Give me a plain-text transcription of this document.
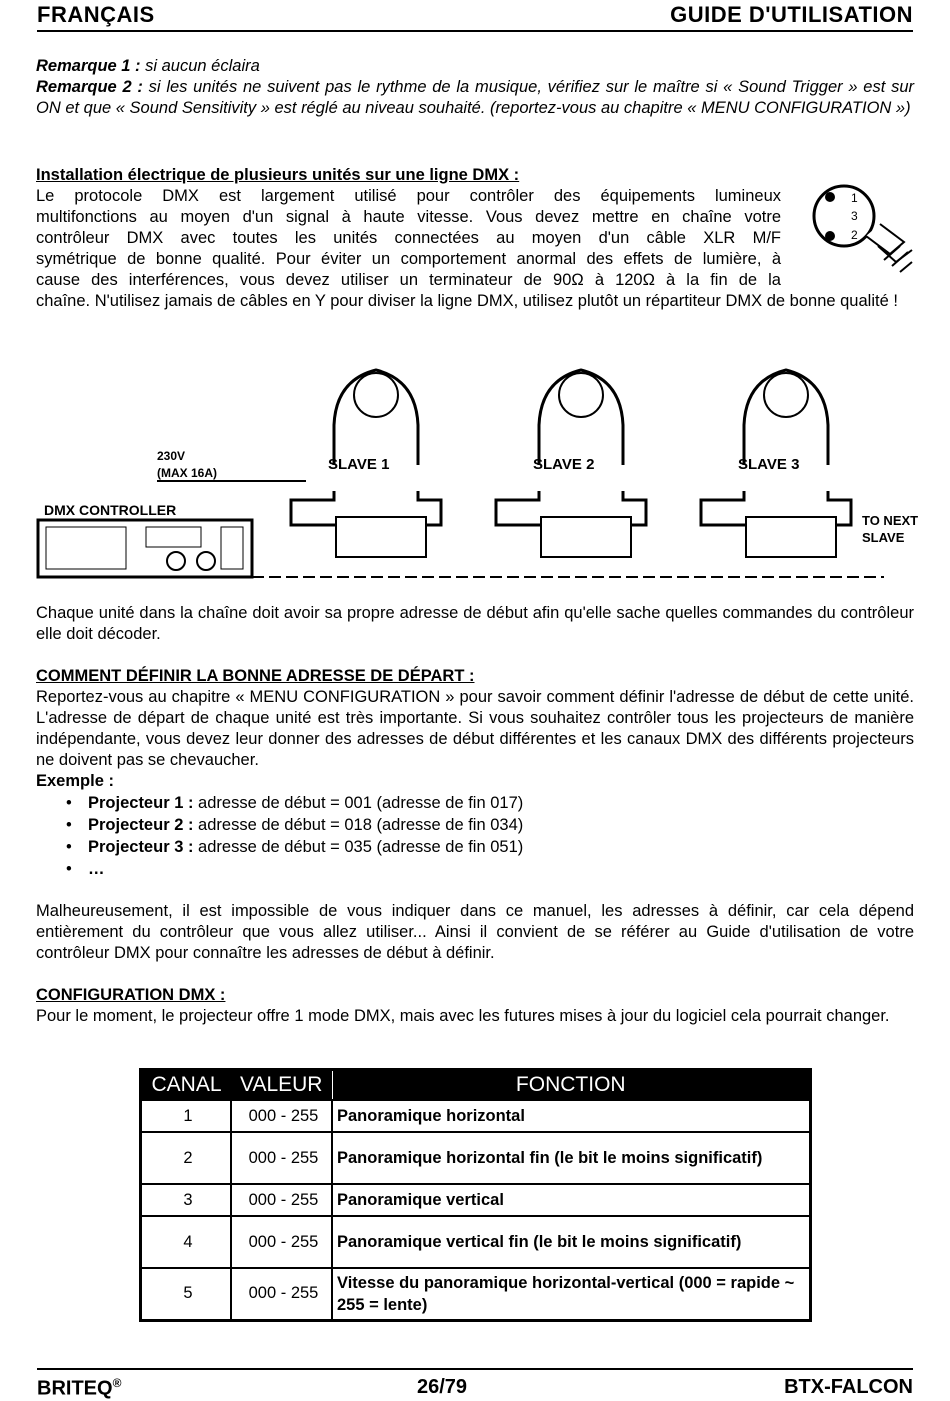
FRANÇAIS	GUIDE D'UTILISATION
Remarque 1 : si aucun éclaira
Remarque 2 : si les unités ne suivent pas le rythme de la musique, vérifiez sur le maître si « Sound Trigger » est sur ON et que « Sound Sensitivity » est réglé au niveau souhaité. (reportez-vous au chapitre « MENU CONFIGURATION »)
Installation électrique de plusieurs unités sur une ligne DMX :
Le protocole DMX est largement utilisé pour contrôler des équipements lumineux
multifonctions au moyen d'un signal à haute vitesse. Vous devez mettre en chaîne votre
contrôleur DMX avec toutes les unités connectées au moyen d'un câble XLR M/F
symétrique de bonne qualité. Pour éviter un comportement anormal des effets de lumière, à
cause des interférences, vous devez utiliser un terminateur de 90Ω à 120Ω à la fin de la
chaîne. N'utilisez jamais de câbles en Y pour diviser la ligne DMX, utilisez plutôt un répartiteur DMX de bonne qualité !
1
3
2
230V
(MAX 16A)
DMX CONTROLLER
TO NEXT
SLAVE
SLAVE 1	SLAVE 2	SLAVE 3
Chaque unité dans la chaîne doit avoir sa propre adresse de début afin qu'elle sache quelles commandes du contrôleur elle doit décoder.
COMMENT DÉFINIR LA BONNE ADRESSE DE DÉPART :
Reportez-vous au chapitre « MENU CONFIGURATION » pour savoir comment définir l'adresse de début de cette unité. L'adresse de départ de chaque unité est très importante. Si vous souhaitez contrôler tous les projecteurs de manière indépendante, vous devez leur donner des adresses de début différentes et les canaux DMX des différents projecteurs ne doivent pas se chevaucher.
Exemple :
• Projecteur 1 : adresse de début = 001 (adresse de fin 017)
• Projecteur 2 : adresse de début = 018 (adresse de fin 034)
• Projecteur 3 : adresse de début = 035 (adresse de fin 051)
• …
Malheureusement, il est impossible de vous indiquer dans ce manuel, les adresses à définir, car cela dépend entièrement du contrôleur que vous allez utiliser... Ainsi il convient de se référer au Guide d'utilisation de votre contrôleur DMX pour connaître les adresses de début à définir.
CONFIGURATION DMX :
Pour le moment, le projecteur offre 1 mode DMX, mais avec les futures mises à jour du logiciel cela pourrait changer.
CANAL	VALEUR	FONCTION
1	000 - 255	Panoramique horizontal
2	000 - 255	Panoramique horizontal fin (le bit le moins significatif)
3	000 - 255	Panoramique vertical
4	000 - 255	Panoramique vertical fin (le bit le moins significatif)
5	000 - 255	Vitesse du panoramique horizontal-vertical (000 = rapide ~ 255 = lente)
BRITEQ®	26/79	BTX-FALCON
